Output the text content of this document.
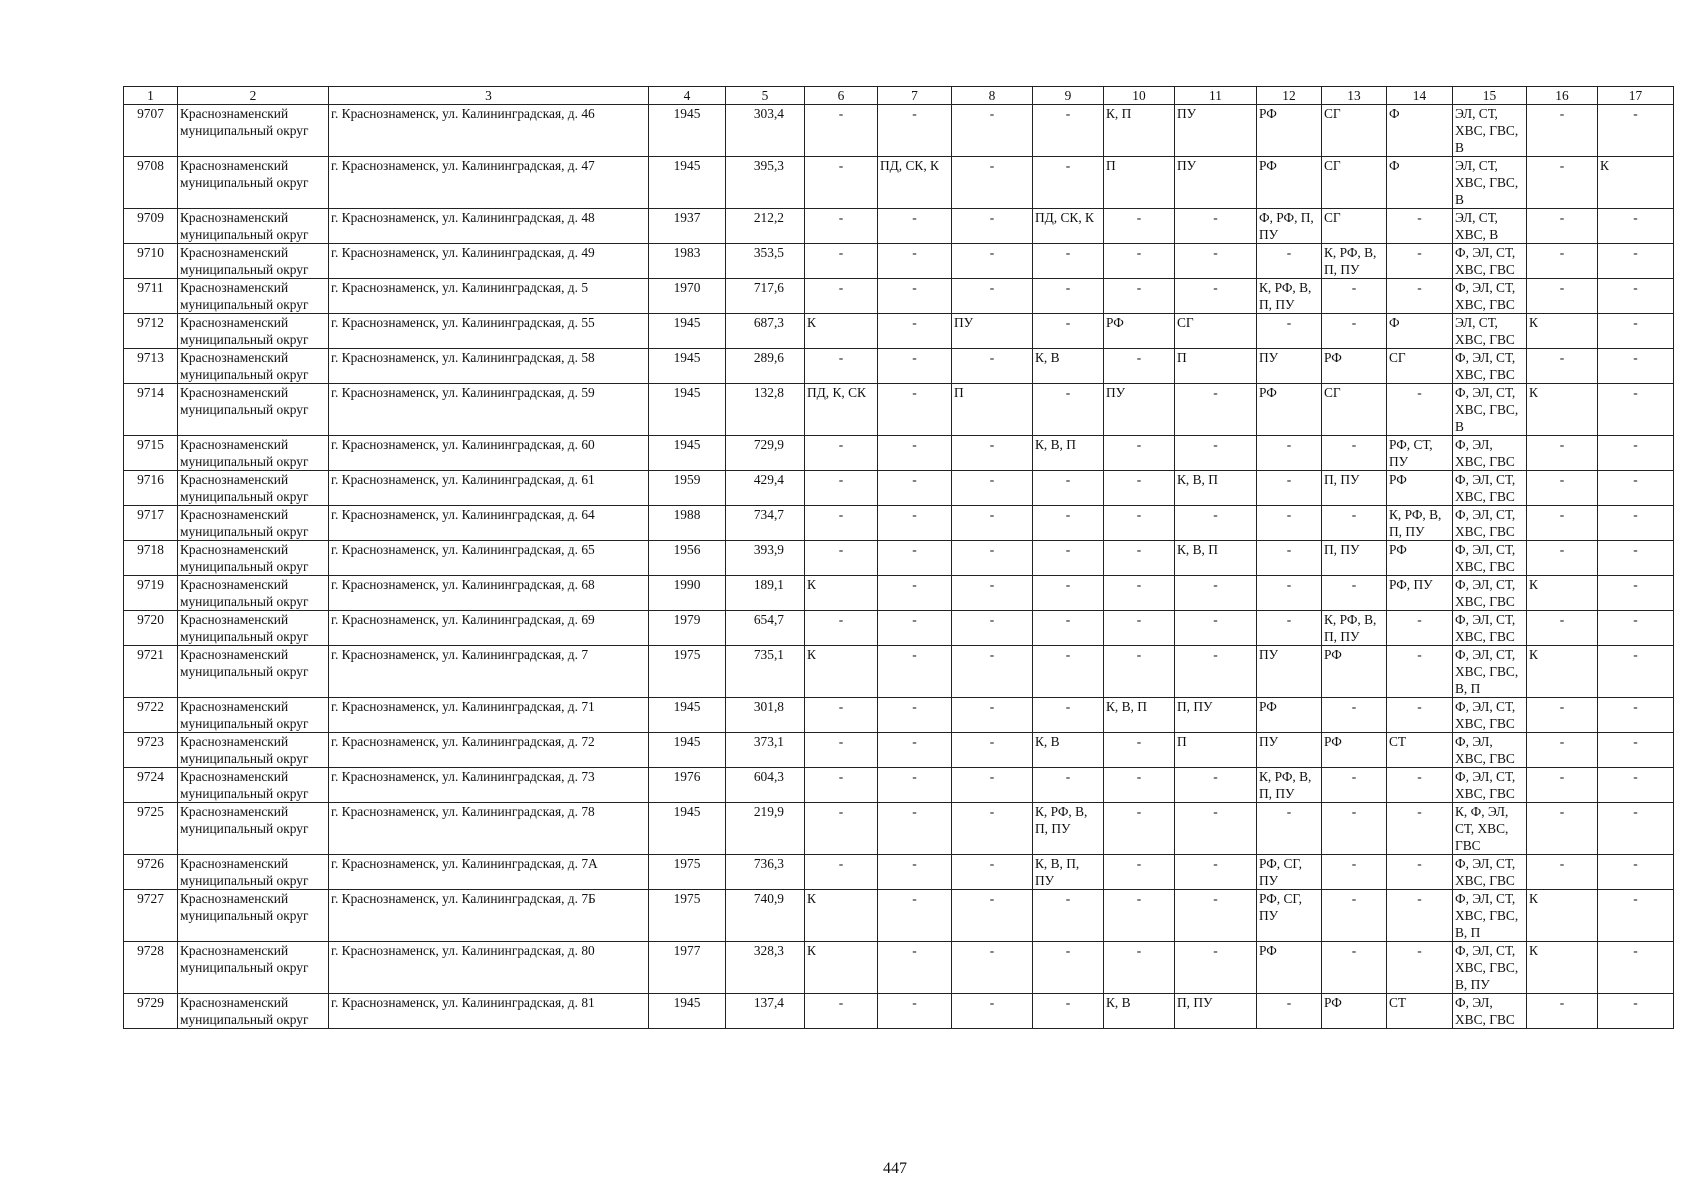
1	2	3	4	5	6	7	8	9	10	11	12	13	14	15	16	17
9707	Краснознаменский муниципальный округ	г. Краснознаменск, ул. Калининградская, д. 46	1945	303,4	-	-	-	-	К, П	ПУ	РФ	СГ	Ф	ЭЛ, СТ, ХВС, ГВС, В	-	-
9708	Краснознаменский муниципальный округ	г. Краснознаменск, ул. Калининградская, д. 47	1945	395,3	-	ПД, СК, К	-	-	П	ПУ	РФ	СГ	Ф	ЭЛ, СТ, ХВС, ГВС, В	-	К
9709	Краснознаменский муниципальный округ	г. Краснознаменск, ул. Калининградская, д. 48	1937	212,2	-	-	-	ПД, СК, К	-	-	Ф, РФ, П, ПУ	СГ	-	ЭЛ, СТ, ХВС, В	-	-
9710	Краснознаменский муниципальный округ	г. Краснознаменск, ул. Калининградская, д. 49	1983	353,5	-	-	-	-	-	-	-	К, РФ, В, П, ПУ	-	Ф, ЭЛ, СТ, ХВС, ГВС	-	-
9711	Краснознаменский муниципальный округ	г. Краснознаменск, ул. Калининградская, д. 5	1970	717,6	-	-	-	-	-	-	К, РФ, В, П, ПУ	-	-	Ф, ЭЛ, СТ, ХВС, ГВС	-	-
9712	Краснознаменский муниципальный округ	г. Краснознаменск, ул. Калининградская, д. 55	1945	687,3	К	-	ПУ	-	РФ	СГ	-	-	Ф	ЭЛ, СТ, ХВС, ГВС	К	-
9713	Краснознаменский муниципальный округ	г. Краснознаменск, ул. Калининградская, д. 58	1945	289,6	-	-	-	К, В	-	П	ПУ	РФ	СГ	Ф, ЭЛ, СТ, ХВС, ГВС	-	-
9714	Краснознаменский муниципальный округ	г. Краснознаменск, ул. Калининградская, д. 59	1945	132,8	ПД, К, СК	-	П	-	ПУ	-	РФ	СГ	-	Ф, ЭЛ, СТ, ХВС, ГВС, В	К	-
9715	Краснознаменский муниципальный округ	г. Краснознаменск, ул. Калининградская, д. 60	1945	729,9	-	-	-	К, В, П	-	-	-	-	РФ, СТ, ПУ	Ф, ЭЛ, ХВС, ГВС	-	-
9716	Краснознаменский муниципальный округ	г. Краснознаменск, ул. Калининградская, д. 61	1959	429,4	-	-	-	-	-	К, В, П	-	П, ПУ	РФ	Ф, ЭЛ, СТ, ХВС, ГВС	-	-
9717	Краснознаменский муниципальный округ	г. Краснознаменск, ул. Калининградская, д. 64	1988	734,7	-	-	-	-	-	-	-	-	К, РФ, В, П, ПУ	Ф, ЭЛ, СТ, ХВС, ГВС	-	-
9718	Краснознаменский муниципальный округ	г. Краснознаменск, ул. Калининградская, д. 65	1956	393,9	-	-	-	-	-	К, В, П	-	П, ПУ	РФ	Ф, ЭЛ, СТ, ХВС, ГВС	-	-
9719	Краснознаменский муниципальный округ	г. Краснознаменск, ул. Калининградская, д. 68	1990	189,1	К	-	-	-	-	-	-	-	РФ, ПУ	Ф, ЭЛ, СТ, ХВС, ГВС	К	-
9720	Краснознаменский муниципальный округ	г. Краснознаменск, ул. Калининградская, д. 69	1979	654,7	-	-	-	-	-	-	-	К, РФ, В, П, ПУ	-	Ф, ЭЛ, СТ, ХВС, ГВС	-	-
9721	Краснознаменский муниципальный округ	г. Краснознаменск, ул. Калининградская, д. 7	1975	735,1	К	-	-	-	-	-	ПУ	РФ	-	Ф, ЭЛ, СТ, ХВС, ГВС, В, П	К	-
9722	Краснознаменский муниципальный округ	г. Краснознаменск, ул. Калининградская, д. 71	1945	301,8	-	-	-	-	К, В, П	П, ПУ	РФ	-	-	Ф, ЭЛ, СТ, ХВС, ГВС	-	-
9723	Краснознаменский муниципальный округ	г. Краснознаменск, ул. Калининградская, д. 72	1945	373,1	-	-	-	К, В	-	П	ПУ	РФ	СТ	Ф, ЭЛ, ХВС, ГВС	-	-
9724	Краснознаменский муниципальный округ	г. Краснознаменск, ул. Калининградская, д. 73	1976	604,3	-	-	-	-	-	-	К, РФ, В, П, ПУ	-	-	Ф, ЭЛ, СТ, ХВС, ГВС	-	-
9725	Краснознаменский муниципальный округ	г. Краснознаменск, ул. Калининградская, д. 78	1945	219,9	-	-	-	К, РФ, В, П, ПУ	-	-	-	-	-	К, Ф, ЭЛ, СТ, ХВС, ГВС	-	-
9726	Краснознаменский муниципальный округ	г. Краснознаменск, ул. Калининградская, д. 7А	1975	736,3	-	-	-	К, В, П, ПУ	-	-	РФ, СГ, ПУ	-	-	Ф, ЭЛ, СТ, ХВС, ГВС	-	-
9727	Краснознаменский муниципальный округ	г. Краснознаменск, ул. Калининградская, д. 7Б	1975	740,9	К	-	-	-	-	-	РФ, СГ, ПУ	-	-	Ф, ЭЛ, СТ, ХВС, ГВС, В, П	К	-
9728	Краснознаменский муниципальный округ	г. Краснознаменск, ул. Калининградская, д. 80	1977	328,3	К	-	-	-	-	-	РФ	-	-	Ф, ЭЛ, СТ, ХВС, ГВС, В, ПУ	К	-
9729	Краснознаменский муниципальный округ	г. Краснознаменск, ул. Калининградская, д. 81	1945	137,4	-	-	-	-	К, В	П, ПУ	-	РФ	СТ	Ф, ЭЛ, ХВС, ГВС	-	-
447
